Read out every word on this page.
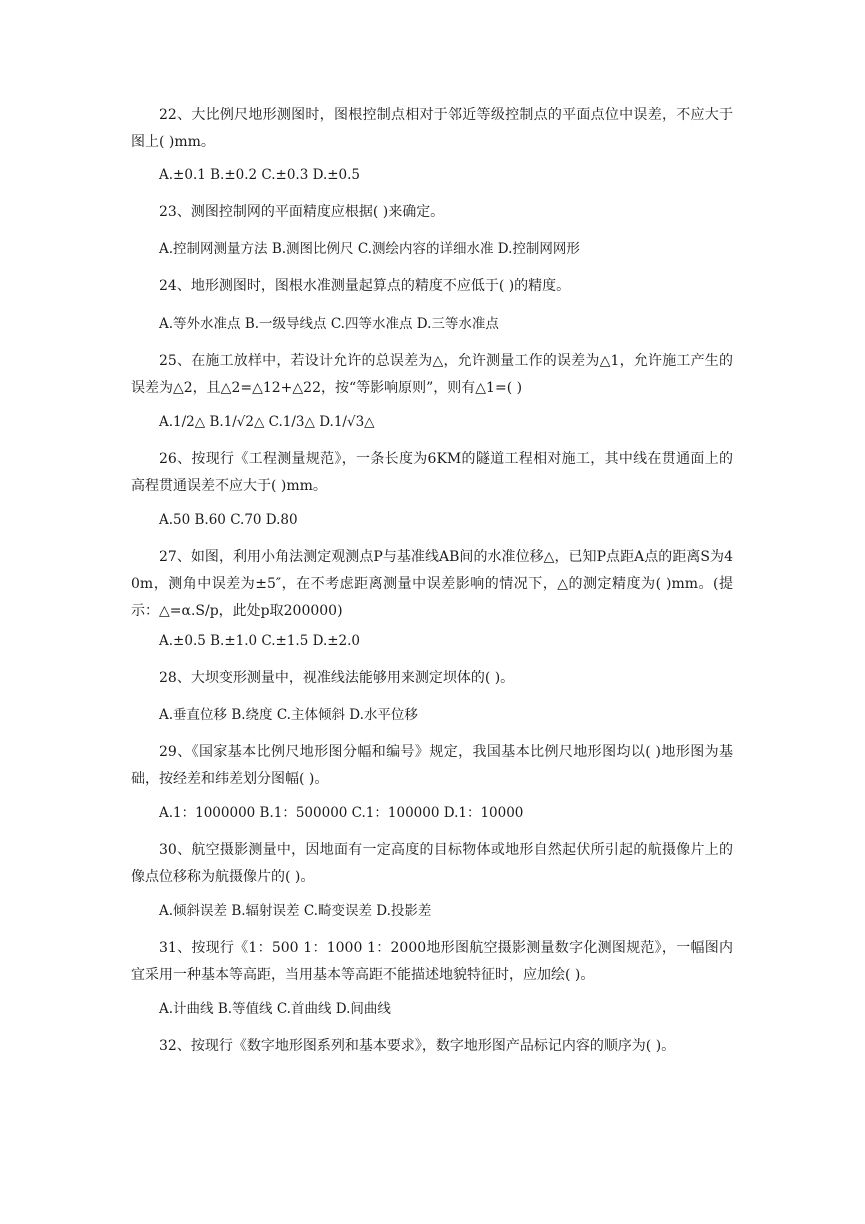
22、大比例尺地形测图时，图根控制点相对于邻近等级控制点的平面点位中误差，不应大于图上( )mm。

A.±0.1 B.±0.2 C.±0.3 D.±0.5

23、测图控制网的平面精度应根据( )来确定。

A.控制网测量方法 B.测图比例尺 C.测绘内容的详细水准 D.控制网网形

24、地形测图时，图根水准测量起算点的精度不应低于( )的精度。

A.等外水准点 B.一级导线点 C.四等水准点 D.三等水准点

25、在施工放样中，若设计允许的总误差为△，允许测量工作的误差为△1，允许施工产生的误差为△2，且△2=△12+△22，按“等影响原则”，则有△1=( )

A.1/2△ B.1/√2△ C.1/3△ D.1/√3△

26、按现行《工程测量规范》，一条长度为6KM的隧道工程相对施工，其中线在贯通面上的高程贯通误差不应大于( )mm。

A.50 B.60 C.70 D.80

27、如图，利用小角法测定观测点P与基准线AB间的水准位移△，已知P点距A点的距离S为40m，测角中误差为±5″，在不考虑距离测量中误差影响的情况下，△的测定精度为( )mm。(提示：△=α.S/p，此处p取200000)

A.±0.5 B.±1.0 C.±1.5 D.±2.0

28、大坝变形测量中，视准线法能够用来测定坝体的( )。

A.垂直位移 B.绕度 C.主体倾斜 D.水平位移

29、《国家基本比例尺地形图分幅和编号》规定，我国基本比例尺地形图均以( )地形图为基础，按经差和纬差划分图幅( )。

A.1：1000000 B.1：500000 C.1：100000 D.1：10000

30、航空摄影测量中，因地面有一定高度的目标物体或地形自然起伏所引起的航摄像片上的像点位移称为航摄像片的( )。

A.倾斜误差 B.辐射误差 C.畸变误差 D.投影差

31、按现行《1：500 1：1000 1：2000地形图航空摄影测量数字化测图规范》，一幅图内宜采用一种基本等高距，当用基本等高距不能描述地貌特征时，应加绘( )。

A.计曲线 B.等值线 C.首曲线 D.间曲线

32、按现行《数字地形图系列和基本要求》，数字地形图产品标记内容的顺序为( )。
